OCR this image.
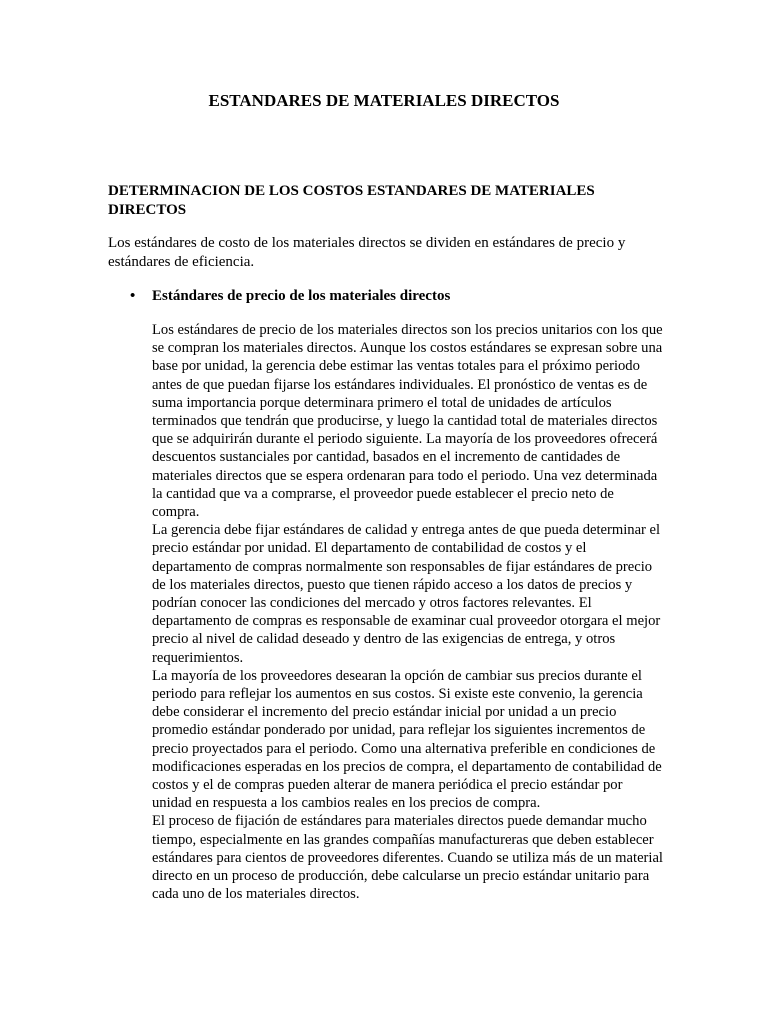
ESTANDARES DE MATERIALES DIRECTOS
DETERMINACION DE LOS COSTOS ESTANDARES DE MATERIALES DIRECTOS

Los estándares de costo de los materiales directos se dividen en estándares de precio y estándares de eficiencia.

• Estándares de precio de los materiales directos

Los estándares de precio de los materiales directos son los precios unitarios con los que se compran los materiales directos. Aunque los costos estándares se expresan sobre una base por unidad, la gerencia debe estimar las ventas totales para el próximo periodo antes de que puedan fijarse los estándares individuales. El pronóstico de ventas es de suma importancia porque determinara primero el total de unidades de artículos terminados que tendrán que producirse, y luego la cantidad total de materiales directos que se adquirirán durante el periodo siguiente. La mayoría de los proveedores ofrecerá descuentos sustanciales por cantidad, basados en el incremento de cantidades de materiales directos que se espera ordenaran para todo el periodo. Una vez determinada la cantidad que va a comprarse, el proveedor puede establecer el precio neto de compra.

La gerencia debe fijar estándares de calidad y entrega antes de que pueda determinar el precio estándar por unidad. El departamento de contabilidad de costos y el departamento de compras normalmente son responsables de fijar estándares de precio de los materiales directos, puesto que tienen rápido acceso a los datos de precios y podrían conocer las condiciones del mercado y otros factores relevantes. El departamento de compras es responsable de examinar cual proveedor otorgara el mejor precio al nivel de calidad deseado y dentro de las exigencias de entrega, y otros requerimientos.

La mayoría de los proveedores desearan la opción de cambiar sus precios durante el periodo para reflejar los aumentos en sus costos. Si existe este convenio, la gerencia debe considerar el incremento del precio estándar inicial por unidad a un precio promedio estándar ponderado por unidad, para reflejar los siguientes incrementos de precio proyectados para el periodo. Como una alternativa preferible en condiciones de modificaciones esperadas en los precios de compra, el departamento de contabilidad de costos y el de compras pueden alterar de manera periódica el precio estándar por unidad en respuesta a los cambios reales en los precios de compra.

El proceso de fijación de estándares para materiales directos puede demandar mucho tiempo, especialmente en las grandes compañías manufactureras que deben establecer estándares para cientos de proveedores diferentes. Cuando se utiliza más de un material directo en un proceso de producción, debe calcularse un precio estándar unitario para cada uno de los materiales directos.
